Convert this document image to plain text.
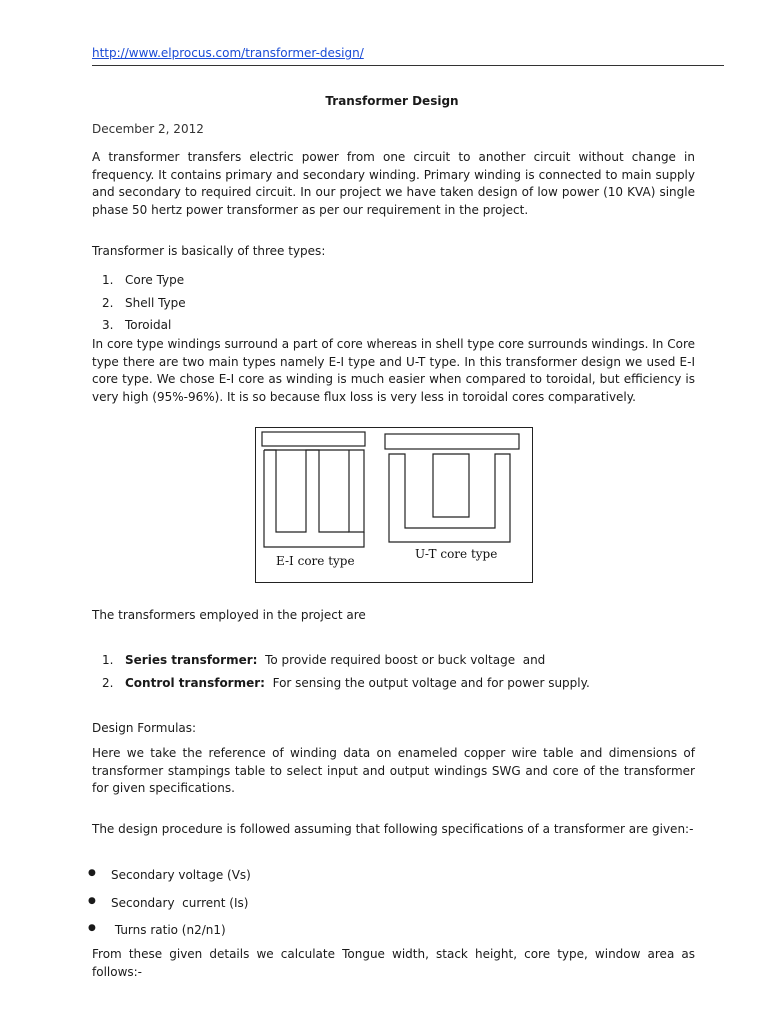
http://www.elprocus.com/transformer-design/
Transformer Design
December 2, 2012

A transformer transfers electric power from one circuit to another circuit without change in frequency. It contains primary and secondary winding. Primary winding is connected to main supply and secondary to required circuit. In our project we have taken design of low power (10 KVA) single phase 50 hertz power transformer as per our requirement in the project.

Transformer is basically of three types:

1. Core Type
2. Shell Type
3. Toroidal

In core type windings surround a part of core whereas in shell type core surrounds windings. In Core type there are two main types namely E-I type and U-T type. In this transformer design we used E-I core type. We chose E-I core as winding is much easier when compared to toroidal, but efficiency is very high (95%-96%). It is so because flux loss is very less in toroidal cores comparatively.

E-I core type	U-T core type

The transformers employed in the project are

1. Series transformer:  To provide required boost or buck voltage  and
2. Control transformer:  For sensing the output voltage and for power supply.

Design Formulas:

Here we take the reference of winding data on enameled copper wire table and dimensions of transformer stampings table to select input and output windings SWG and core of the transformer for given specifications.

The design procedure is followed assuming that following specifications of a transformer are given:-

● Secondary voltage (Vs)
● Secondary  current (Is)
● Turns ratio (n2/n1)

From these given details we calculate Tongue width, stack height, core type, window area as follows:-
